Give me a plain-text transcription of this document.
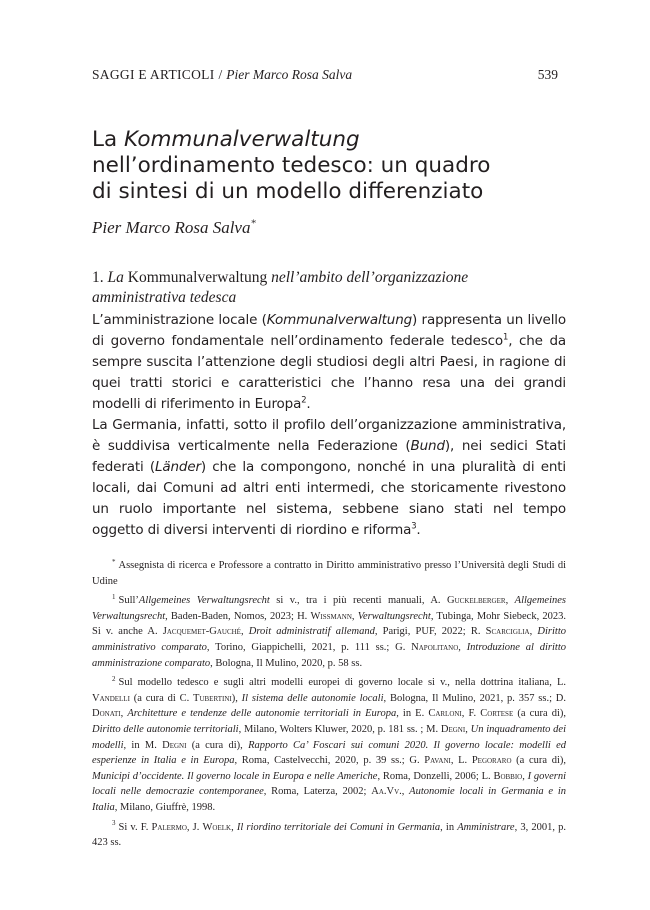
SAGGI E ARTICOLI / Pier Marco Rosa Salva	539
La Kommunalverwaltung
nell’ordinamento tedesco: un quadro
di sintesi di un modello differenziato
Pier Marco Rosa Salva*
1. La Kommunalverwaltung nell’ambito dell’organizzazione amministrativa tedesca

L’amministrazione locale (Kommunalverwaltung) rappresenta un livello di governo fondamentale nell’ordinamento federale tedesco$^1$, che da sempre suscita l’attenzione degli studiosi degli altri Paesi, in ragione di quei tratti storici e caratteristici che l’hanno resa una dei grandi modelli di riferimento in Europa$^2$.

La Germania, infatti, sotto il profilo dell’organizzazione amministrativa, è suddivisa verticalmente nella Federazione (Bund), nei sedici Stati federati (Länder) che la compongono, nonché in una pluralità di enti locali, dai Comuni ad altri enti intermedi, che storicamente rivestono un ruolo importante nel sistema, sebbene siano stati nel tempo oggetto di diversi interventi di riordino e riforma$^3$.

* Assegnista di ricerca e Professore a contratto in Diritto amministrativo presso l’Università degli Studi di Udine

$^1$ Sull’Allgemeines Verwaltungsrecht si v., tra i più recenti manuali, A. Guckelberger, Allgemeines Verwaltungsrecht, Baden-Baden, Nomos, 2023; H. Wissmann, Verwaltungsrecht, Tubinga, Mohr Siebeck, 2023. Si v. anche A. Jacquemet-Gauché, Droit administratif allemand, Parigi, PUF, 2022; R. Scarciglia, Diritto amministrativo comparato, Torino, Giappichelli, 2021, p. 111 ss.; G. Napolitano, Introduzione al diritto amministrazione comparato, Bologna, Il Mulino, 2020, p. 58 ss.

$^2$ Sul modello tedesco e sugli altri modelli europei di governo locale si v., nella dottrina italiana, L. Vandelli (a cura di C. Tubertini), Il sistema delle autonomie locali, Bologna, Il Mulino, 2021, p. 357 ss.; D. Donati, Architetture e tendenze delle autonomie territoriali in Europa, in E. Carloni, F. Cortese (a cura di), Diritto delle autonomie territoriali, Milano, Wolters Kluwer, 2020, p. 181 ss. ; M. Degni, Un inquadramento dei modelli, in M. Degni (a cura di), Rapporto Ca’ Foscari sui comuni 2020. Il governo locale: modelli ed esperienze in Italia e in Europa, Roma, Castelvecchi, 2020, p. 39 ss.; G. Pavani, L. Pegoraro (a cura di), Municipi d’occidente. Il governo locale in Europa e nelle Americhe, Roma, Donzelli, 2006; L. Bobbio, I governi locali nelle democrazie contemporanee, Roma, Laterza, 2002; Aa.Vv., Autonomie locali in Germania e in Italia, Milano, Giuffrè, 1998.

$^3$ Si v. F. Palermo, J. Woelk, Il riordino territoriale dei Comuni in Germania, in Amministrare, 3, 2001, p. 423 ss.
